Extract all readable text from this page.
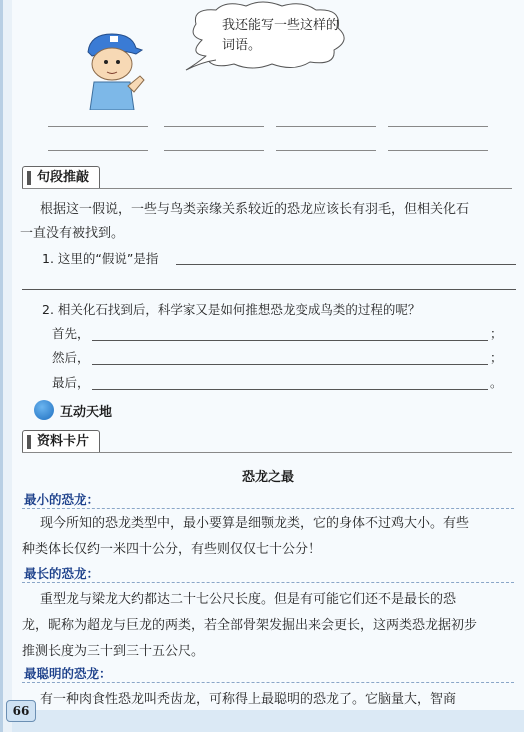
我还能写一些这样的词语。
句段推敲
根据这一假说，一些与鸟类亲缘关系较近的恐龙应该长有羽毛，但相关化石
一直没有被找到。
1. 这里的“假说”是指
2. 相关化石找到后，科学家又是如何推想恐龙变成鸟类的过程的呢？
首先，	；
然后，	；
最后，	。
互动天地
资料卡片
恐龙之最
最小的恐龙：
现今所知的恐龙类型中，最小要算是细颚龙类，它的身体不过鸡大小。有些
种类体长仅约一米四十公分，有些则仅仅七十公分！
最长的恐龙：
重型龙与梁龙大约都达二十七公尺长度。但是有可能它们还不是最长的恐
龙，昵称为超龙与巨龙的两类，若全部骨架发掘出来会更长，这两类恐龙据初步
推测长度为三十到三十五公尺。
最聪明的恐龙：
有一种肉食性恐龙叫秃齿龙，可称得上最聪明的恐龙了。它脑量大，智商
66
